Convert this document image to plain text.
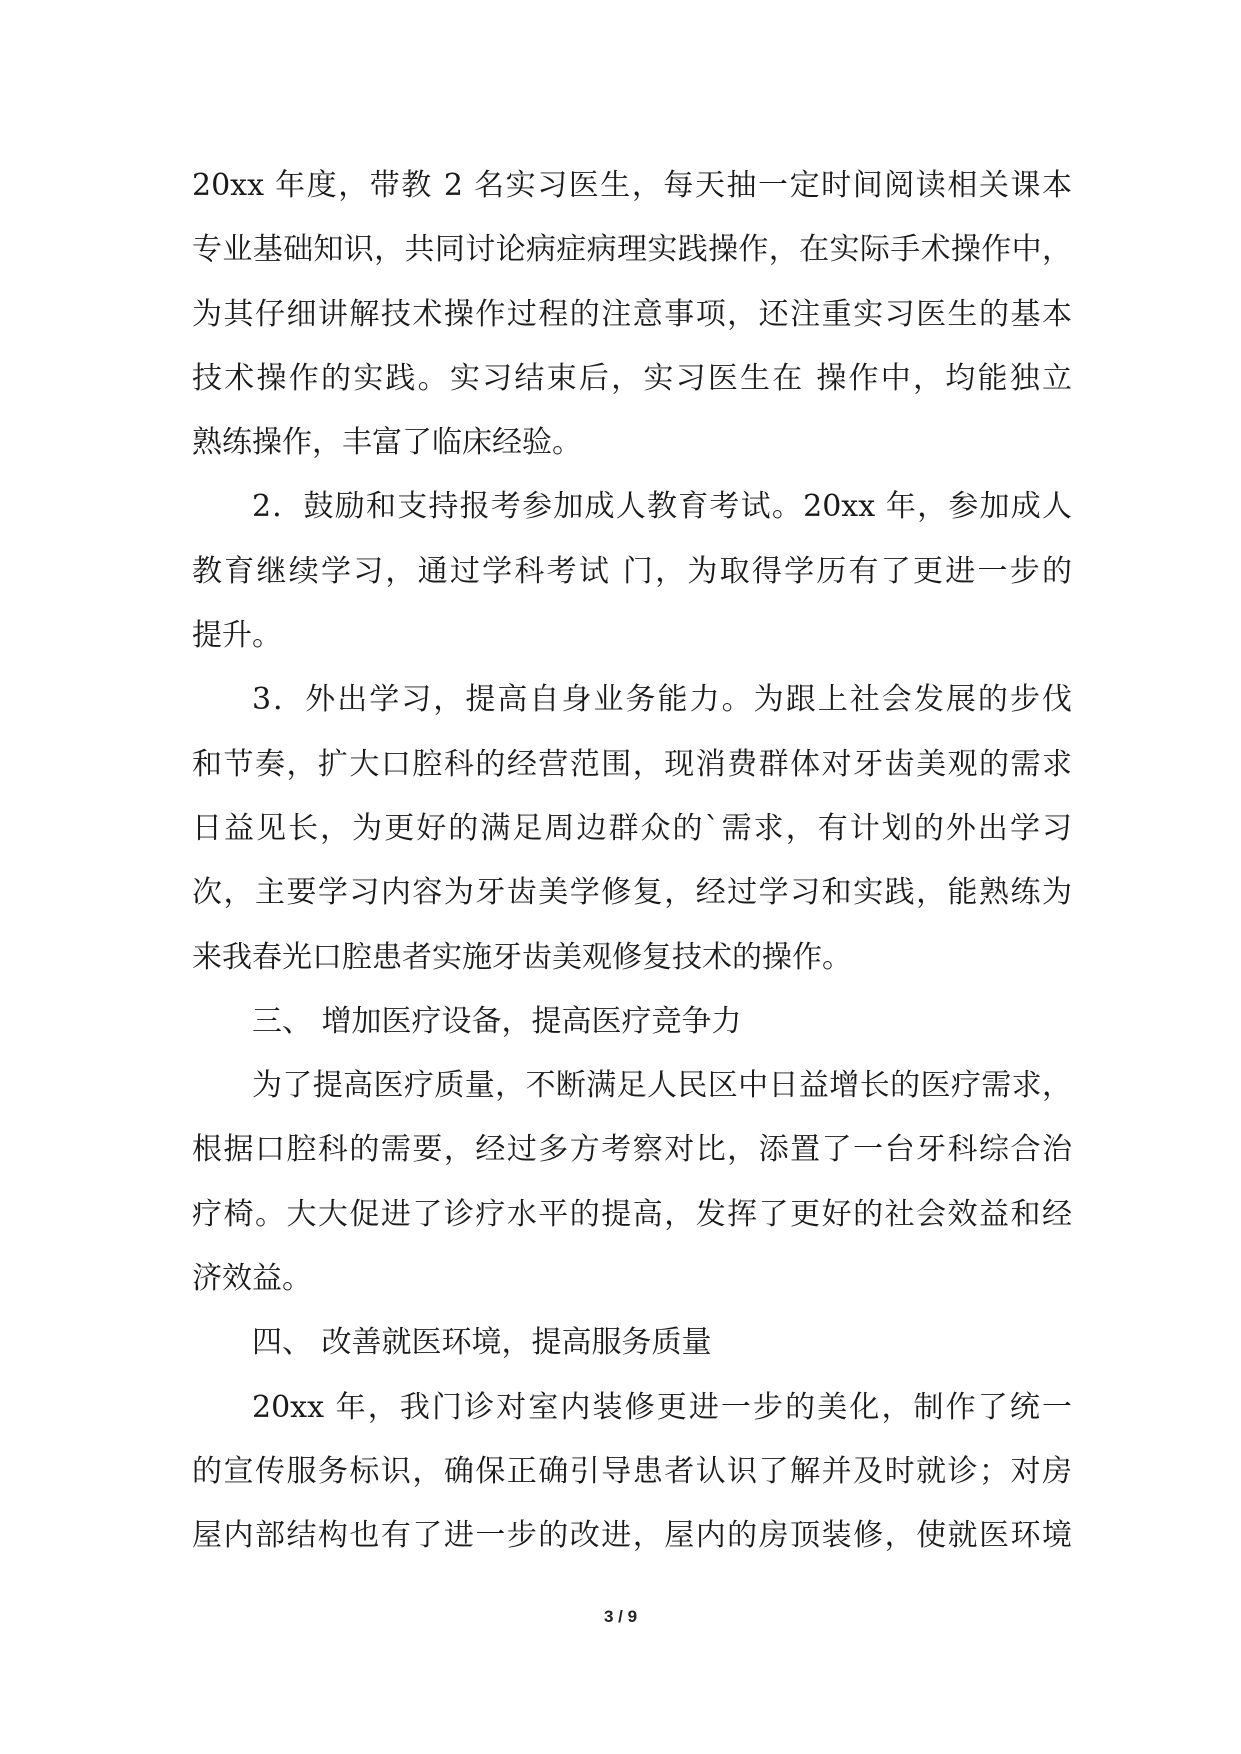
20xx 年度，带教 2 名实习医生，每天抽一定时间阅读相关课本
专业基础知识，共同讨论病症病理实践操作，在实际手术操作中，
为其仔细讲解技术操作过程的注意事项，还注重实习医生的基本
技术操作的实践。实习结束后，实习医生在 操作中，均能独立
熟练操作，丰富了临床经验。
2．鼓励和支持报考参加成人教育考试。20xx 年，参加成人
教育继续学习，通过学科考试 门，为取得学历有了更进一步的
提升。
3．外出学习，提高自身业务能力。为跟上社会发展的步伐
和节奏，扩大口腔科的经营范围，现消费群体对牙齿美观的需求
日益见长，为更好的满足周边群众的`需求，有计划的外出学习
次，主要学习内容为牙齿美学修复，经过学习和实践，能熟练为
来我春光口腔患者实施牙齿美观修复技术的操作。
三、 增加医疗设备，提高医疗竞争力
为了提高医疗质量，不断满足人民区中日益增长的医疗需求，
根据口腔科的需要，经过多方考察对比，添置了一台牙科综合治
疗椅。大大促进了诊疗水平的提高，发挥了更好的社会效益和经
济效益。
四、 改善就医环境，提高服务质量
20xx 年，我门诊对室内装修更进一步的美化，制作了统一
的宣传服务标识，确保正确引导患者认识了解并及时就诊；对房
屋内部结构也有了进一步的改进，屋内的房顶装修，使就医环境
3 / 9
